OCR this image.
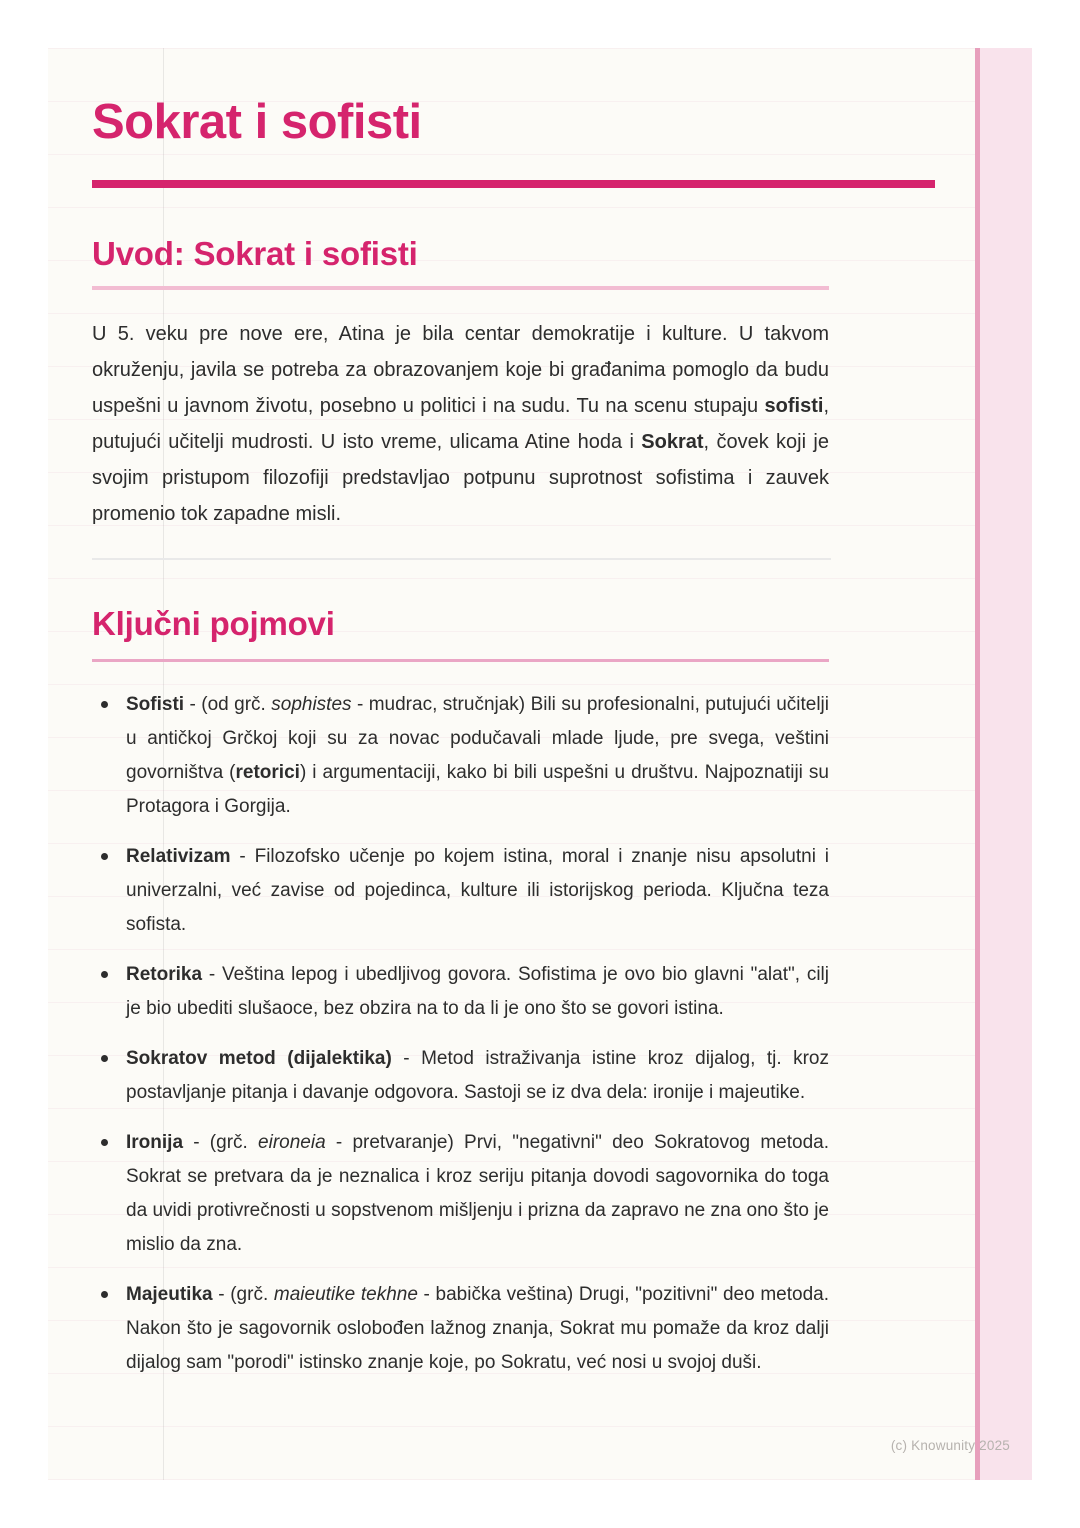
Sokrat i sofisti
Uvod: Sokrat i sofisti

U 5. veku pre nove ere, Atina je bila centar demokratije i kulture. U takvom okruženju, javila se potreba za obrazovanjem koje bi građanima pomoglo da budu uspešni u javnom životu, posebno u politici i na sudu. Tu na scenu stupaju sofisti, putujući učitelji mudrosti. U isto vreme, ulicama Atine hoda i Sokrat, čovek koji je svojim pristupom filozofiji predstavljao potpunu suprotnost sofistima i zauvek promenio tok zapadne misli.

Ključni pojmovi
Sofisti - (od grč. sophistes - mudrac, stručnjak) Bili su profesionalni, putujući učitelji u antičkoj Grčkoj koji su za novac podučavali mlade ljude, pre svega, veštini govorništva (retorici) i argumentaciji, kako bi bili uspešni u društvu. Najpoznatiji su Protagora i Gorgija.
Relativizam - Filozofsko učenje po kojem istina, moral i znanje nisu apsolutni i univerzalni, već zavise od pojedinca, kulture ili istorijskog perioda. Ključna teza sofista.
Retorika - Veština lepog i ubedljivog govora. Sofistima je ovo bio glavni "alat", cilj je bio ubediti slušaoce, bez obzira na to da li je ono što se govori istina.
Sokratov metod (dijalektika) - Metod istraživanja istine kroz dijalog, tj. kroz postavljanje pitanja i davanje odgovora. Sastoji se iz dva dela: ironije i majeutike.
Ironija - (grč. eironeia - pretvaranje) Prvi, "negativni" deo Sokratovog metoda. Sokrat se pretvara da je neznalica i kroz seriju pitanja dovodi sagovornika do toga da uvidi protivrečnosti u sopstvenom mišljenju i prizna da zapravo ne zna ono što je mislio da zna.
Majeutika - (grč. maieutike tekhne - babička veština) Drugi, "pozitivni" deo metoda. Nakon što je sagovornik oslobođen lažnog znanja, Sokrat mu pomaže da kroz dalji dijalog sam "porodi" istinsko znanje koje, po Sokratu, već nosi u svojoj duši.
(c) Knowunity 2025
